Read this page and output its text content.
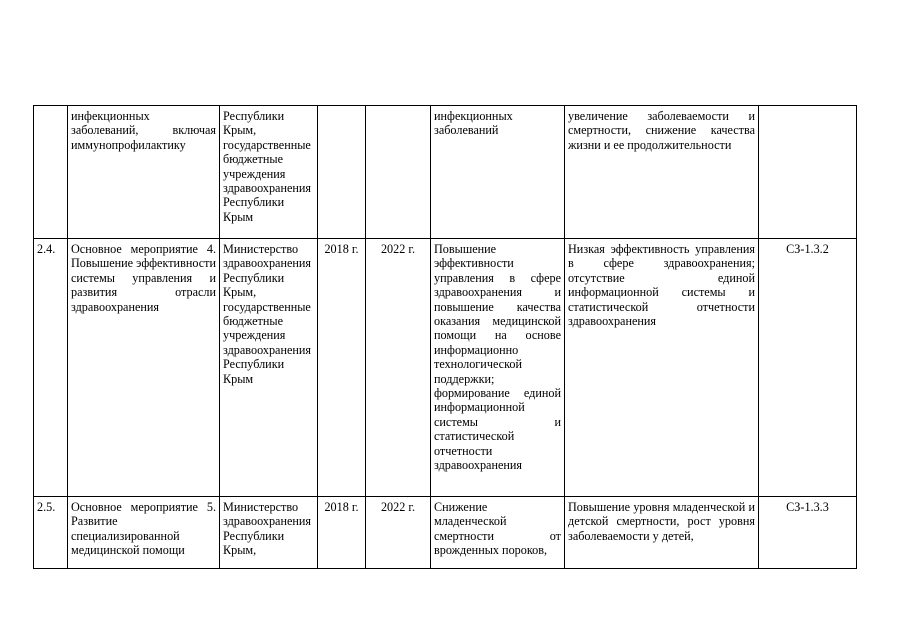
	инфекционных заболеваний, включая иммунопрофилактику	Республики Крым, государственные бюджетные учреждения здравоохранения Республики Крым			инфекционных заболеваний	увеличение заболеваемости и смертности, снижение качества жизни и ее продолжительности	
2.4.	Основное мероприятие 4. Повышение эффективности системы управления и развития отрасли здравоохранения	Министерство здравоохранения Республики Крым, государственные бюджетные учреждения здравоохранения Республики Крым	2018 г.	2022 г.	Повышение эффективности управления в сфере здравоохранения и повышение качества оказания медицинской помощи на основе информационно технологической поддержки; формирование единой информационной системы и статистической отчетности здравоохранения	Низкая эффективность управления в сфере здравоохранения; отсутствие единой информационной системы и статистической отчетности здравоохранения	СЗ-1.3.2
2.5.	Основное мероприятие 5. Развитие специализированной медицинской помощи	Министерство здравоохранения Республики Крым,	2018 г.	2022 г.	Снижение младенческой смертности от врожденных пороков,	Повышение уровня младенческой и детской смертности, рост уровня заболеваемости у детей,	СЗ-1.3.3
